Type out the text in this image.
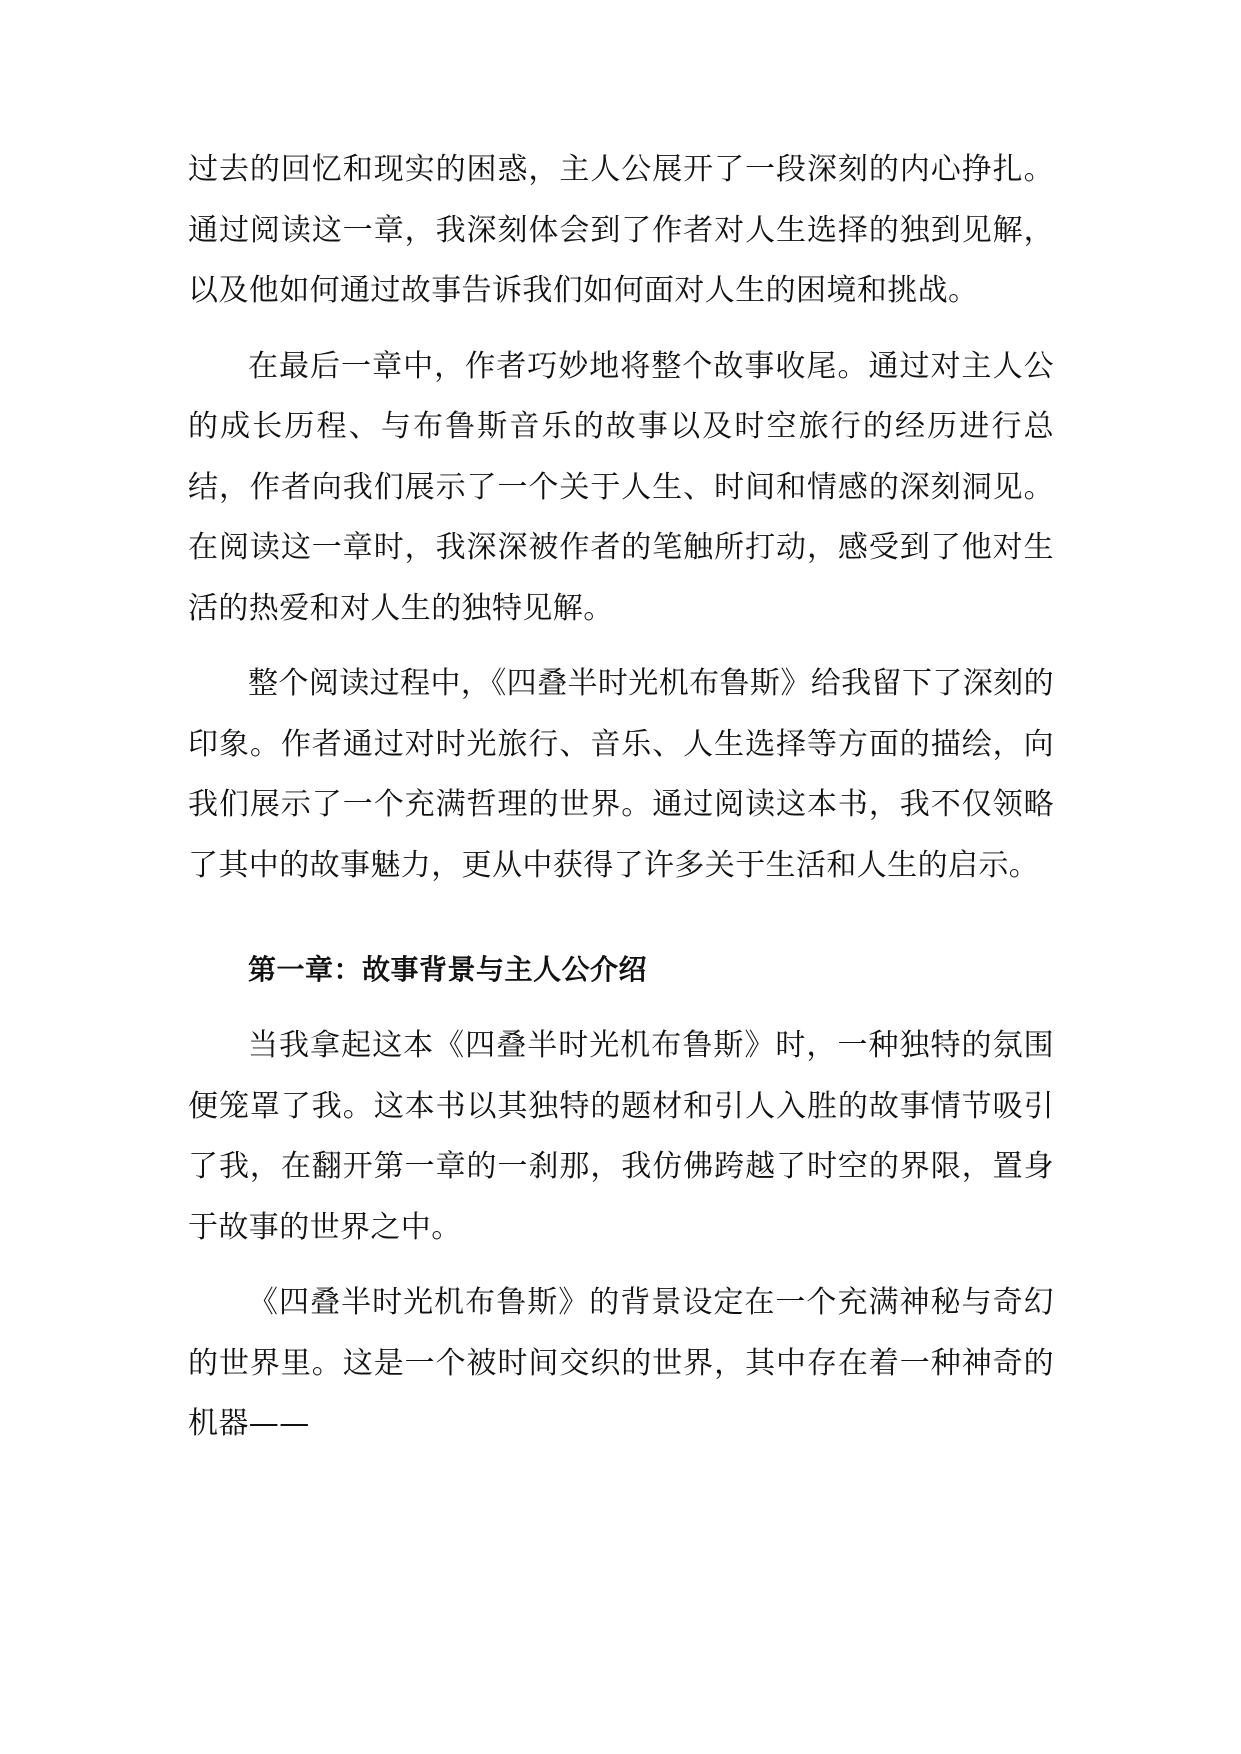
过去的回忆和现实的困惑，主人公展开了一段深刻的内心挣扎。通过阅读这一章，我深刻体会到了作者对人生选择的独到见解，以及他如何通过故事告诉我们如何面对人生的困境和挑战。

在最后一章中，作者巧妙地将整个故事收尾。通过对主人公的成长历程、与布鲁斯音乐的故事以及时空旅行的经历进行总结，作者向我们展示了一个关于人生、时间和情感的深刻洞见。在阅读这一章时，我深深被作者的笔触所打动，感受到了他对生活的热爱和对人生的独特见解。

整个阅读过程中，《四叠半时光机布鲁斯》给我留下了深刻的印象。作者通过对时光旅行、音乐、人生选择等方面的描绘，向我们展示了一个充满哲理的世界。通过阅读这本书，我不仅领略了其中的故事魅力，更从中获得了许多关于生活和人生的启示。

第一章：故事背景与主人公介绍

当我拿起这本《四叠半时光机布鲁斯》时，一种独特的氛围便笼罩了我。这本书以其独特的题材和引人入胜的故事情节吸引了我，在翻开第一章的一刹那，我仿佛跨越了时空的界限，置身于故事的世界之中。

《四叠半时光机布鲁斯》的背景设定在一个充满神秘与奇幻的世界里。这是一个被时间交织的世界，其中存在着一种神奇的机器——
